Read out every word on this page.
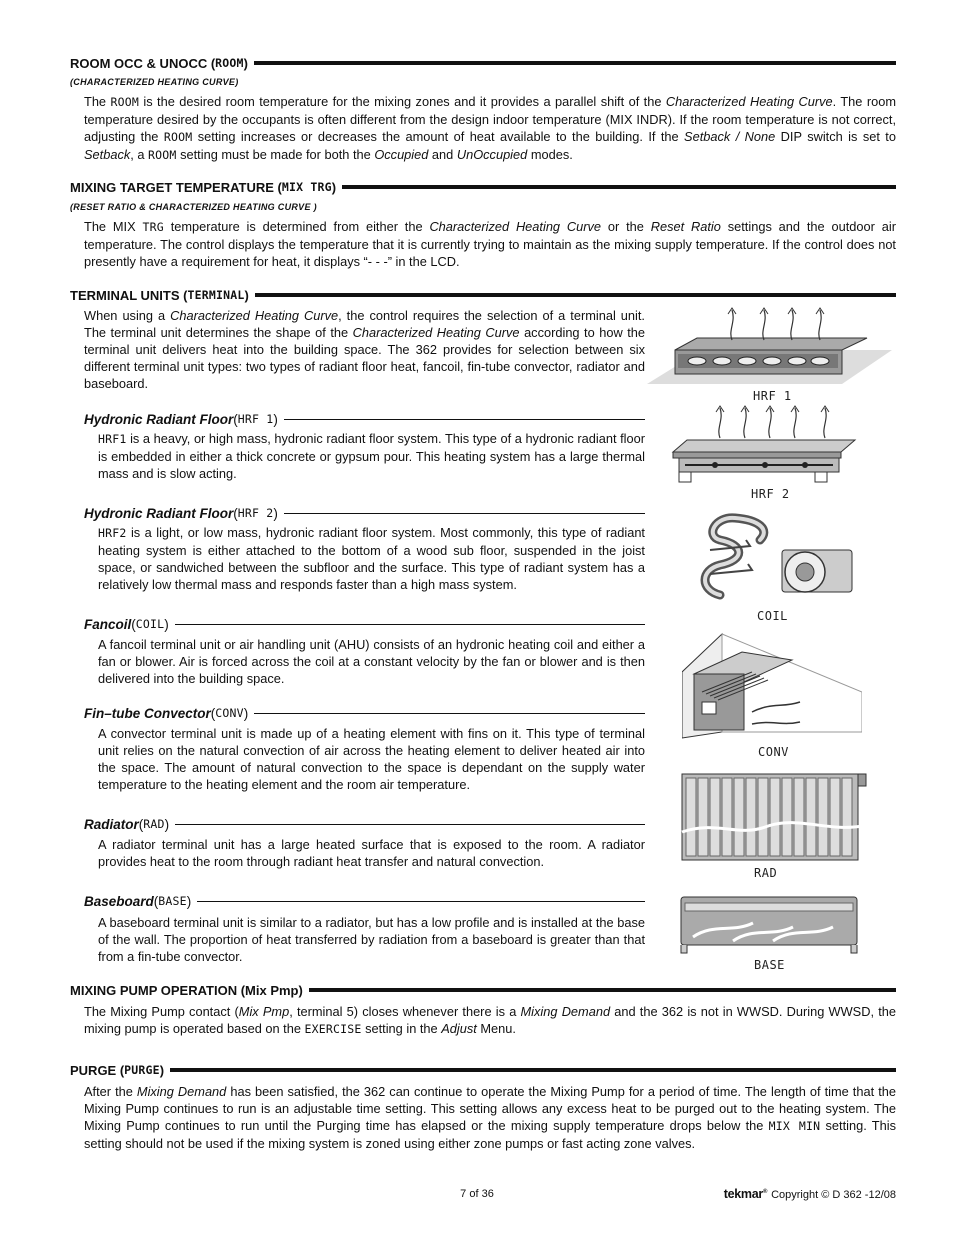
ROOM OCC & UNOCC ( ROOM )
(CHARACTERIZED HEATING CURVE)
The ROOM is the desired room temperature for the mixing zones and it provides a parallel shift of the Characterized Heating Curve. The room temperature desired by the occupants is often different from the design indoor temperature (MIX INDR). If the room temperature is not correct, adjusting the ROOM setting increases or decreases the amount of heat available to the building. If the Setback / None DIP switch is set to Setback, a ROOM setting must be made for both the Occupied and UnOccupied modes.
MIXING TARGET TEMPERATURE ( MIX TRG )
(RESET RATIO & CHARACTERIZED HEATING CURVE )
The MIX TRG temperature is determined from either the Characterized Heating Curve or the Reset Ratio settings and the outdoor air temperature. The control displays the temperature that it is currently trying to maintain as the mixing supply temperature. If the control does not presently have a requirement for heat, it displays “- - -” in the LCD.
TERMINAL UNITS ( TERMINAL )
When using a Characterized Heating Curve, the control requires the selection of a terminal unit. The terminal unit determines the shape of the Characterized Heating Curve according to how the terminal unit delivers heat into the building space. The 362 provides for selection between six different terminal unit types: two types of radiant floor heat, fancoil, fin-tube convector, radiator and baseboard.
Hydronic Radiant Floor ( HRF 1 )
HRF1 is a heavy, or high mass, hydronic radiant floor system. This type of a hydronic radiant floor is embedded in either a thick concrete or gypsum pour. This heating system has a large thermal mass and is slow acting.
Hydronic Radiant Floor ( HRF 2 )
HRF2 is a light, or low mass, hydronic radiant floor system. Most commonly, this type of radiant heating system is either attached to the bottom of a wood sub floor, suspended in the joist space, or sandwiched between the subfloor and the surface. This type of radiant system has a relatively low thermal mass and responds faster than a high mass system.
Fancoil ( COIL )
A fancoil terminal unit or air handling unit (AHU) consists of an hydronic heating coil and either a fan or blower. Air is forced across the coil at a constant velocity by the fan or blower and is then delivered into the building space.
Fin–tube Convector ( CONV )
A convector terminal unit is made up of a heating element with fins on it. This type of terminal unit relies on the natural convection of air across the heating element to deliver heated air into the space. The amount of natural convection to the space is dependant on the supply water temperature to the heating element and the room air temperature.
Radiator ( RAD )
A radiator terminal unit has a large heated surface that is exposed to the room. A radiator provides heat to the room through radiant heat transfer and natural convection.
Baseboard ( BASE )
A baseboard terminal unit is similar to a radiator, but has a low profile and is installed at the base of the wall. The proportion of heat transferred by radiation from a baseboard is greater than that from a fin-tube convector.
HRF 1
HRF 2
COIL
CONV
RAD
BASE
MIXING PUMP OPERATION (Mix Pmp)
The Mixing Pump contact (Mix Pmp, terminal 5) closes whenever there is a Mixing Demand and the 362 is not in WWSD. During WWSD, the mixing pump is operated based on the EXERCISE setting in the Adjust Menu.
PURGE ( PURGE )
After the Mixing Demand has been satisfied, the 362 can continue to operate the Mixing Pump for a period of time. The length of time that the Mixing Pump continues to run is an adjustable time setting. This setting allows any excess heat to be purged out to the heating system. The Mixing Pump continues to run until the Purging time has elapsed or the mixing supply temperature drops below the MIX MIN setting. This setting should not be used if the mixing system is zoned using either zone pumps or fast acting zone valves.
7 of 36	tekmar® Copyright © D 362 -12/08
